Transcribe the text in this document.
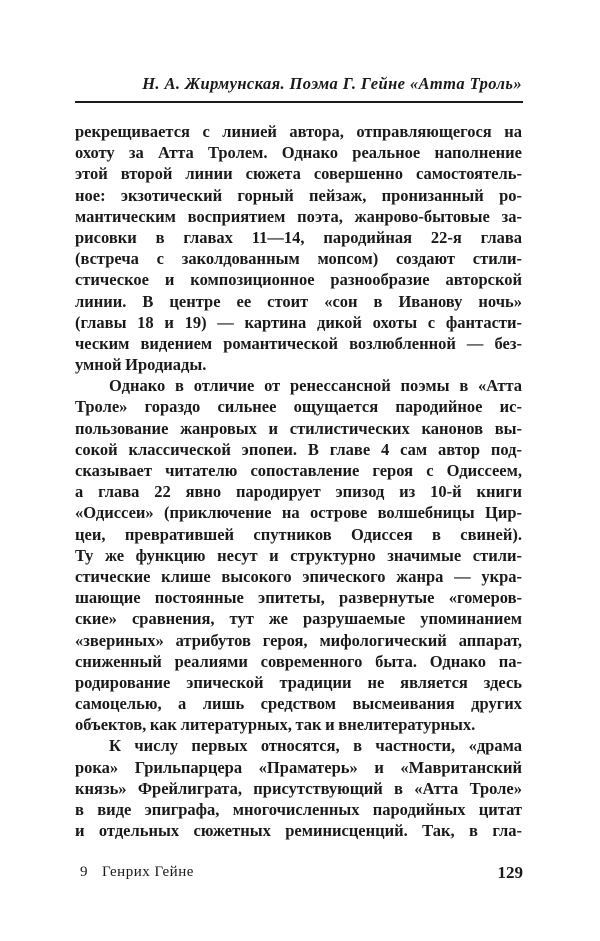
Н. А. Жирмунская. Поэма Г. Гейне «Атта Троль»
рекрещивается с линией автора, отправляющегося на
охоту за Атта Тролем. Однако реальное наполнение
этой второй линии сюжета совершенно самостоятель-
ное: экзотический горный пейзаж, пронизанный ро-
мантическим восприятием поэта, жанрово-бытовые за-
рисовки в главах 11—14, пародийная 22-я глава
(встреча с заколдованным мопсом) создают стили-
стическое и композиционное разнообразие авторской
линии. В центре ее стоит «сон в Иванову ночь»
(главы 18 и 19) — картина дикой охоты с фантасти-
ческим видением романтической возлюбленной — без-
умной Иродиады.
Однако в отличие от ренессансной поэмы в «Атта
Троле» гораздо сильнее ощущается пародийное ис-
пользование жанровых и стилистических канонов вы-
сокой классической эпопеи. В главе 4 сам автор под-
сказывает читателю сопоставление героя с Одиссеем,
а глава 22 явно пародирует эпизод из 10-й книги
«Одиссеи» (приключение на острове волшебницы Цир-
цеи, превратившей спутников Одиссея в свиней).
Ту же функцию несут и структурно значимые стили-
стические клише высокого эпического жанра — укра-
шающие постоянные эпитеты, развернутые «гомеров-
ские» сравнения, тут же разрушаемые упоминанием
«звериных» атрибутов героя, мифологический аппарат,
сниженный реалиями современного быта. Однако па-
родирование эпической традиции не является здесь
самоцелью, а лишь средством высмеивания других
объектов, как литературных, так и внелитературных.
К числу первых относятся, в частности, «драма
рока» Грильпарцера «Праматерь» и «Мавританский
князь» Фрейлиграта, присутствующий в «Атта Троле»
в виде эпиграфа, многочисленных пародийных цитат
и отдельных сюжетных реминисценций. Так, в гла-
9 Генрих Гейне	129
